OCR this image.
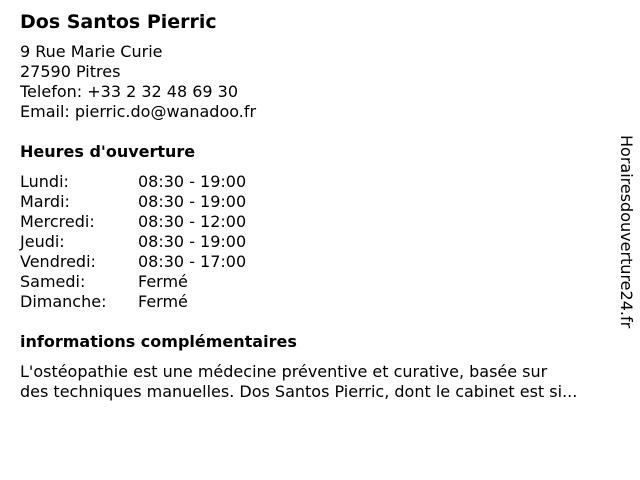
Dos Santos Pierric
9 Rue Marie Curie
27590 Pitres
Telefon: +33 2 32 48 69 30
Email: pierric.do@wanadoo.fr
Heures d'ouverture
Lundi:	08:30 - 19:00
Mardi:	08:30 - 19:00
Mercredi:	08:30 - 12:00
Jeudi:	08:30 - 19:00
Vendredi:	08:30 - 17:00
Samedi:	Fermé
Dimanche:	Fermé
informations complémentaires
L'ostéopathie est une médecine préventive et curative, basée sur
des techniques manuelles. Dos Santos Pierric, dont le cabinet est si...
Horairesdouverture24.fr
